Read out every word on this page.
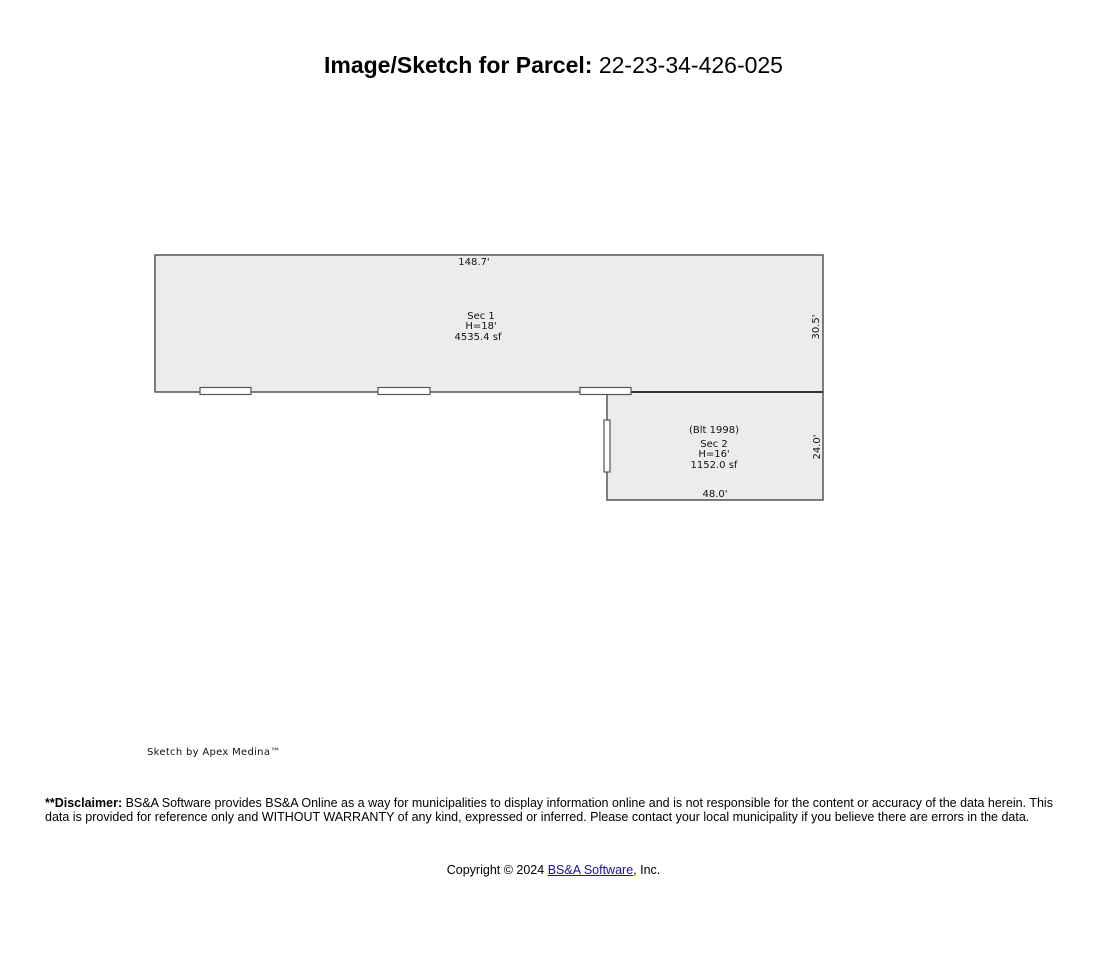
Image/Sketch for Parcel: 22-23-34-426-025
148.7'
30.5'
Sec 1
H=18'
4535.4 sf
(Blt 1998)
Sec 2
H=16'
1152.0 sf
24.0'
48.0'
Sketch by Apex Medina™
**Disclaimer: BS&A Software provides BS&A Online as a way for municipalities to display information online and is not responsible for the content or accuracy of the data herein. This data is provided for reference only and WITHOUT WARRANTY of any kind, expressed or inferred. Please contact your local municipality if you believe there are errors in the data.
Copyright © 2024 BS&A Software, Inc.
